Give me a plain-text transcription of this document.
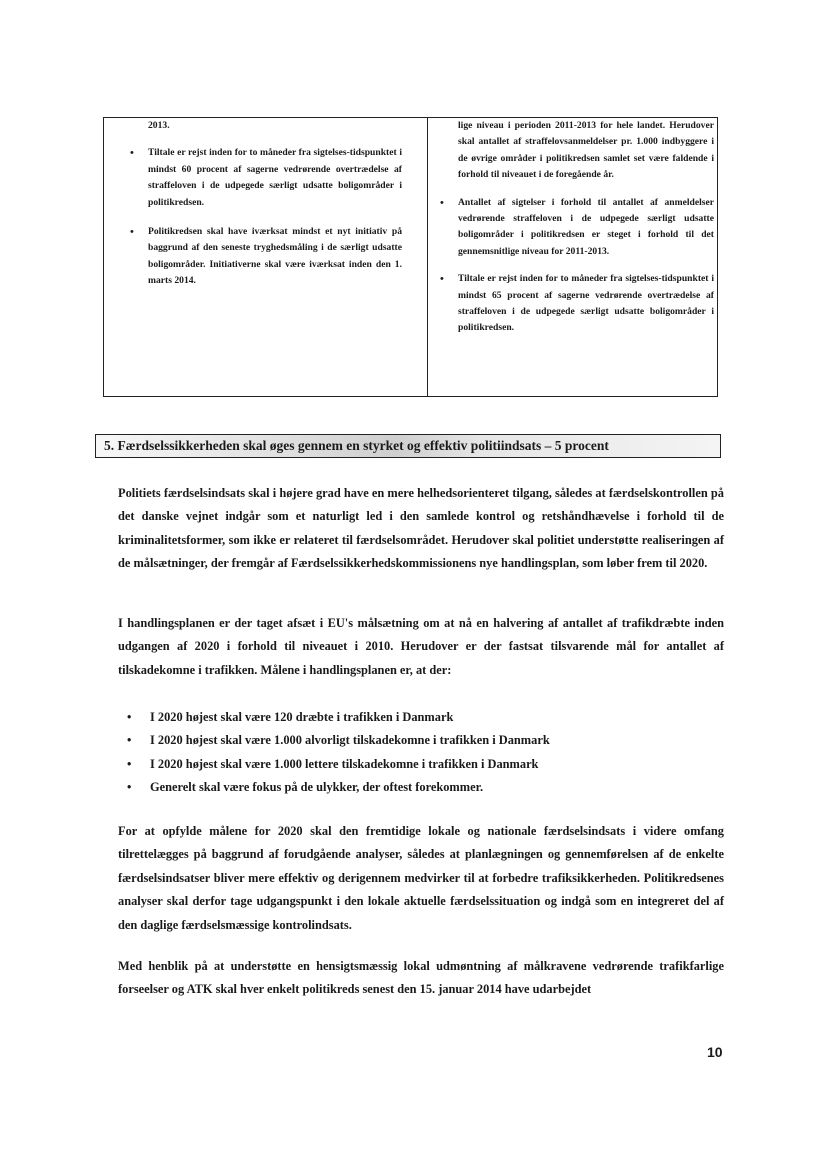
2013.

• Tiltale er rejst inden for to måneder fra sigtelses-tidspunktet i mindst 60 procent af sagerne vedrørende overtrædelse af straffeloven i de udpegede særligt udsatte boligområder i politikredsen.
• Politikredsen skal have iværksat mindst et nyt initiativ på baggrund af den seneste tryghedsmåling i de særligt udsatte boligområder. Initiativerne skal være iværksat inden den 1. marts 2014.

lige niveau i perioden 2011-2013 for hele landet. Herudover skal antallet af straffelovsanmeldelser pr. 1.000 indbyggere i de øvrige områder i politikredsen samlet set være faldende i forhold til niveauet i de foregående år.

• Antallet af sigtelser i forhold til antallet af anmeldelser vedrørende straffeloven i de udpegede særligt udsatte boligområder i politikredsen er steget i forhold til det gennemsnitlige niveau for 2011-2013.
• Tiltale er rejst inden for to måneder fra sigtelses-tidspunktet i mindst 65 procent af sagerne vedrørende overtrædelse af straffeloven i de udpegede særligt udsatte boligområder i politikredsen.
5. Færdselssikkerheden skal øges gennem en styrket og effektiv politiindsats – 5 procent

Politiets færdselsindsats skal i højere grad have en mere helhedsorienteret tilgang, således at færdselskontrollen på det danske vejnet indgår som et naturligt led i den samlede kontrol og retshåndhævelse i forhold til de kriminalitetsformer, som ikke er relateret til færdselsområdet. Herudover skal politiet understøtte realiseringen af de målsætninger, der fremgår af Færdselssikkerhedskommissionens nye handlingsplan, som løber frem til 2020.

I handlingsplanen er der taget afsæt i EU's målsætning om at nå en halvering af antallet af trafikdræbte inden udgangen af 2020 i forhold til niveauet i 2010. Herudover er der fastsat tilsvarende mål for antallet af tilskadekomne i trafikken. Målene i handlingsplanen er, at der:

• I 2020 højest skal være 120 dræbte i trafikken i Danmark
• I 2020 højest skal være 1.000 alvorligt tilskadekomne i trafikken i Danmark
• I 2020 højest skal være 1.000 lettere tilskadekomne i trafikken i Danmark
• Generelt skal være fokus på de ulykker, der oftest forekommer.

For at opfylde målene for 2020 skal den fremtidige lokale og nationale færdselsindsats i videre omfang tilrettelægges på baggrund af forudgående analyser, således at planlægningen og gennemførelsen af de enkelte færdselsindsatser bliver mere effektiv og derigennem medvirker til at forbedre trafiksikkerheden. Politikredsenes analyser skal derfor tage udgangspunkt i den lokale aktuelle færdselssituation og indgå som en integreret del af den daglige færdselsmæssige kontrolindsats.

Med henblik på at understøtte en hensigtsmæssig lokal udmøntning af målkravene vedrørende trafikfarlige forseelser og ATK skal hver enkelt politikreds senest den 15. januar 2014 have udarbejdet

10
